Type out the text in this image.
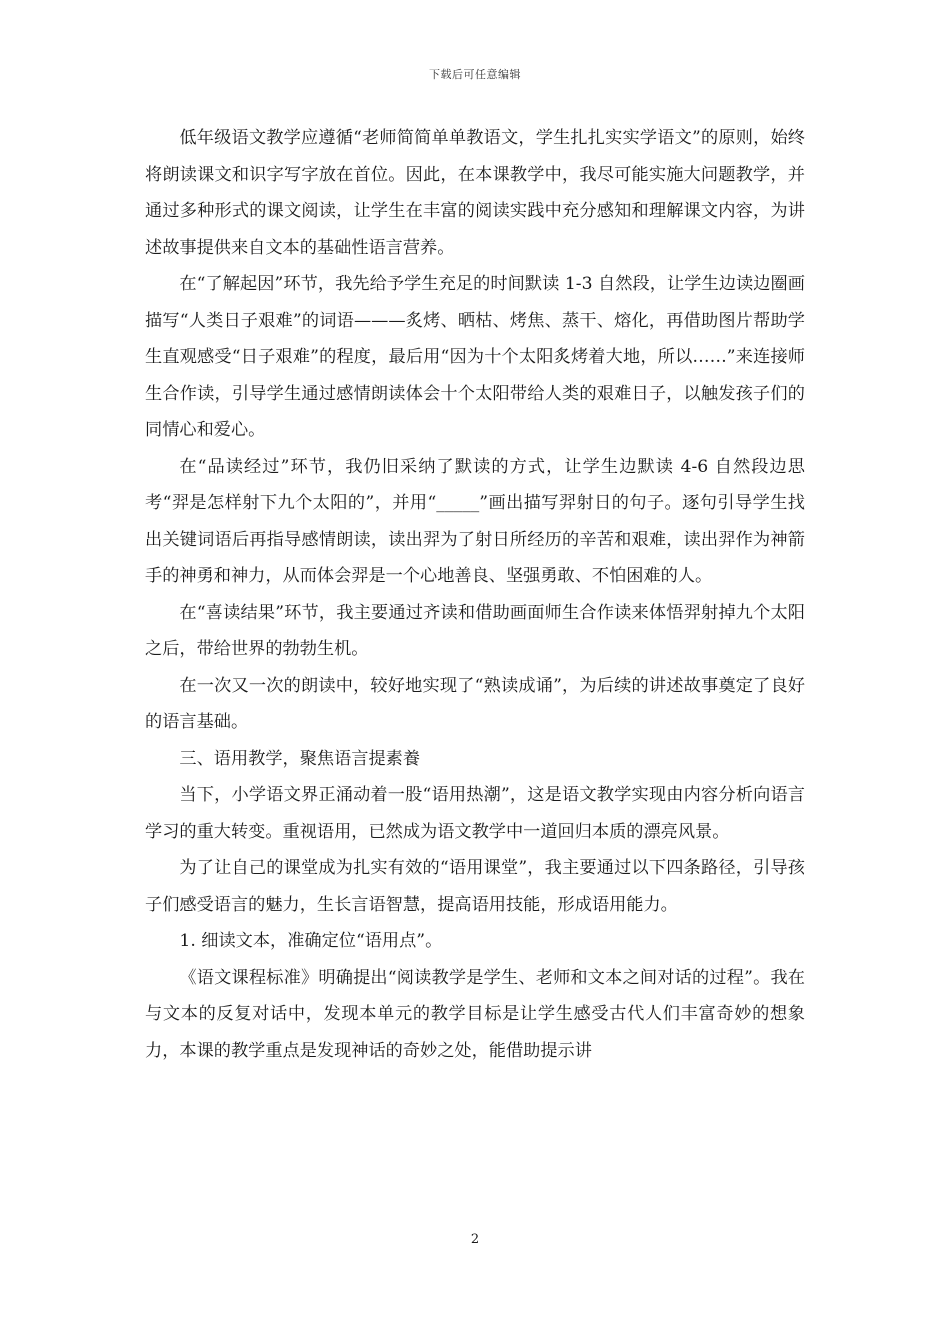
下载后可任意编辑

低年级语文教学应遵循“老师简简单单教语文，学生扎扎实实学语文”的原则，始终将朗读课文和识字写字放在首位。因此，在本课教学中，我尽可能实施大问题教学，并通过多种形式的课文阅读，让学生在丰富的阅读实践中充分感知和理解课文内容，为讲述故事提供来自文本的基础性语言营养。

在“了解起因”环节，我先给予学生充足的时间默读 1-3 自然段，让学生边读边圈画描写“人类日子艰难”的词语———炙烤、晒枯、烤焦、蒸干、熔化，再借助图片帮助学生直观感受“日子艰难”的程度，最后用“因为十个太阳炙烤着大地，所以……”来连接师生合作读，引导学生通过感情朗读体会十个太阳带给人类的艰难日子，以触发孩子们的同情心和爱心。

在“品读经过”环节，我仍旧采纳了默读的方式，让学生边默读 4-6 自然段边思考“羿是怎样射下九个太阳的”，并用“_____”画出描写羿射日的句子。逐句引导学生找出关键词语后再指导感情朗读，读出羿为了射日所经历的辛苦和艰难，读出羿作为神箭手的神勇和神力，从而体会羿是一个心地善良、坚强勇敢、不怕困难的人。

在“喜读结果”环节，我主要通过齐读和借助画面师生合作读来体悟羿射掉九个太阳之后，带给世界的勃勃生机。

在一次又一次的朗读中，较好地实现了“熟读成诵”，为后续的讲述故事奠定了良好的语言基础。

三、语用教学，聚焦语言提素養

当下，小学语文界正涌动着一股“语用热潮”，这是语文教学实现由内容分析向语言学习的重大转变。重视语用，已然成为语文教学中一道回归本质的漂亮风景。

为了让自己的课堂成为扎实有效的“语用课堂”，我主要通过以下四条路径，引导孩子们感受语言的魅力，生长言语智慧，提高语用技能，形成语用能力。

1. 细读文本，准确定位“语用点”。

《语文课程标准》明确提出“阅读教学是学生、老师和文本之间对话的过程”。我在与文本的反复对话中，发现本单元的教学目标是让学生感受古代人们丰富奇妙的想象力，本课的教学重点是发现神话的奇妙之处，能借助提示讲

2
